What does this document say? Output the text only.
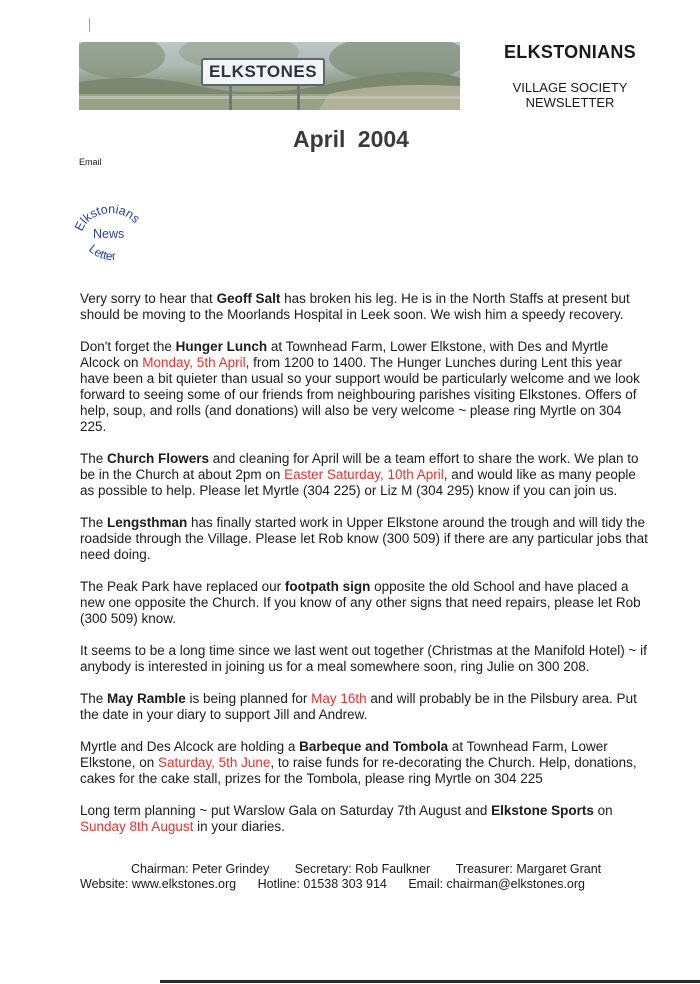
ELKSTONES
ELKSTONIANS
VILLAGE SOCIETY
NEWSLETTER
April 2004
Email
Elkstonians
News
Letter

Very sorry to hear that Geoff Salt has broken his leg. He is in the North Staffs at present but should be moving to the Moorlands Hospital in Leek soon. We wish him a speedy recovery.

Don't forget the Hunger Lunch at Townhead Farm, Lower Elkstone, with Des and Myrtle Alcock on Monday, 5th April, from 1200 to 1400. The Hunger Lunches during Lent this year have been a bit quieter than usual so your support would be particularly welcome and we look forward to seeing some of our friends from neighbouring parishes visiting Elkstones. Offers of help, soup, and rolls (and donations) will also be very welcome ~ please ring Myrtle on 304 225.

The Church Flowers and cleaning for April will be a team effort to share the work. We plan to be in the Church at about 2pm on Easter Saturday, 10th April, and would like as many people as possible to help. Please let Myrtle (304 225) or Liz M (304 295) know if you can join us.

The Lengsthman has finally started work in Upper Elkstone around the trough and will tidy the roadside through the Village. Please let Rob know (300 509) if there are any particular jobs that need doing.

The Peak Park have replaced our footpath sign opposite the old School and have placed a new one opposite the Church. If you know of any other signs that need repairs, please let Rob (300 509) know.

It seems to be a long time since we last went out together (Christmas at the Manifold Hotel) ~ if anybody is interested in joining us for a meal somewhere soon, ring Julie on 300 208.

The May Ramble is being planned for May 16th and will probably be in the Pilsbury area. Put the date in your diary to support Jill and Andrew.

Myrtle and Des Alcock are holding a Barbeque and Tombola at Townhead Farm, Lower Elkstone, on Saturday, 5th June, to raise funds for re-decorating the Church. Help, donations, cakes for the cake stall, prizes for the Tombola, please ring Myrtle on 304 225

Long term planning ~ put Warslow Gala on Saturday 7th August and Elkstone Sports on Sunday 8th August in your diaries.

Chairman: Peter Grindey Secretary: Rob Faulkner Treasurer: Margaret Grant
Website: www.elkstones.org Hotline: 01538 303 914 Email: chairman@elkstones.org
